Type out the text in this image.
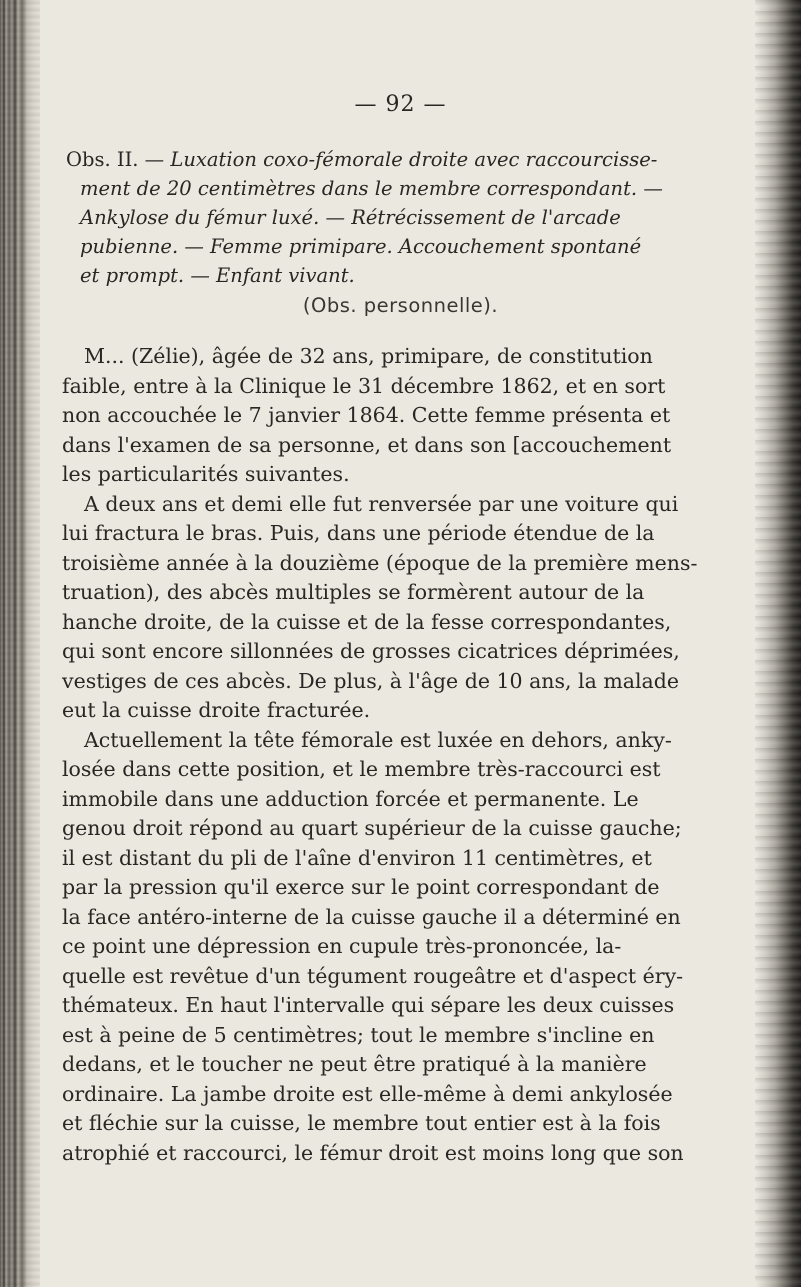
— 92 —
Obs. II. — Luxation coxo-fémorale droite avec raccourcisse-
ment de 20 centimètres dans le membre correspondant. —
Ankylose du fémur luxé. — Rétrécissement de l'arcade
pubienne. — Femme primipare. Accouchement spontané
et prompt. — Enfant vivant.
(Obs. personnelle).
M... (Zélie), âgée de 32 ans, primipare, de constitution
faible, entre à la Clinique le 31 décembre 1862, et en sort
non accouchée le 7 janvier 1864. Cette femme présenta et
dans l'examen de sa personne, et dans son [accouchement
les particularités suivantes.
A deux ans et demi elle fut renversée par une voiture qui
lui fractura le bras. Puis, dans une période étendue de la
troisième année à la douzième (époque de la première mens-
truation), des abcès multiples se formèrent autour de la
hanche droite, de la cuisse et de la fesse correspondantes,
qui sont encore sillonnées de grosses cicatrices déprimées,
vestiges de ces abcès. De plus, à l'âge de 10 ans, la malade
eut la cuisse droite fracturée.
Actuellement la tête fémorale est luxée en dehors, anky-
losée dans cette position, et le membre très-raccourci est
immobile dans une adduction forcée et permanente. Le
genou droit répond au quart supérieur de la cuisse gauche;
il est distant du pli de l'aîne d'environ 11 centimètres, et
par la pression qu'il exerce sur le point correspondant de
la face antéro-interne de la cuisse gauche il a déterminé en
ce point une dépression en cupule très-prononcée, la-
quelle est revêtue d'un tégument rougeâtre et d'aspect éry-
thémateux. En haut l'intervalle qui sépare les deux cuisses
est à peine de 5 centimètres; tout le membre s'incline en
dedans, et le toucher ne peut être pratiqué à la manière
ordinaire. La jambe droite est elle-même à demi ankylosée
et fléchie sur la cuisse, le membre tout entier est à la fois
atrophié et raccourci, le fémur droit est moins long que son
